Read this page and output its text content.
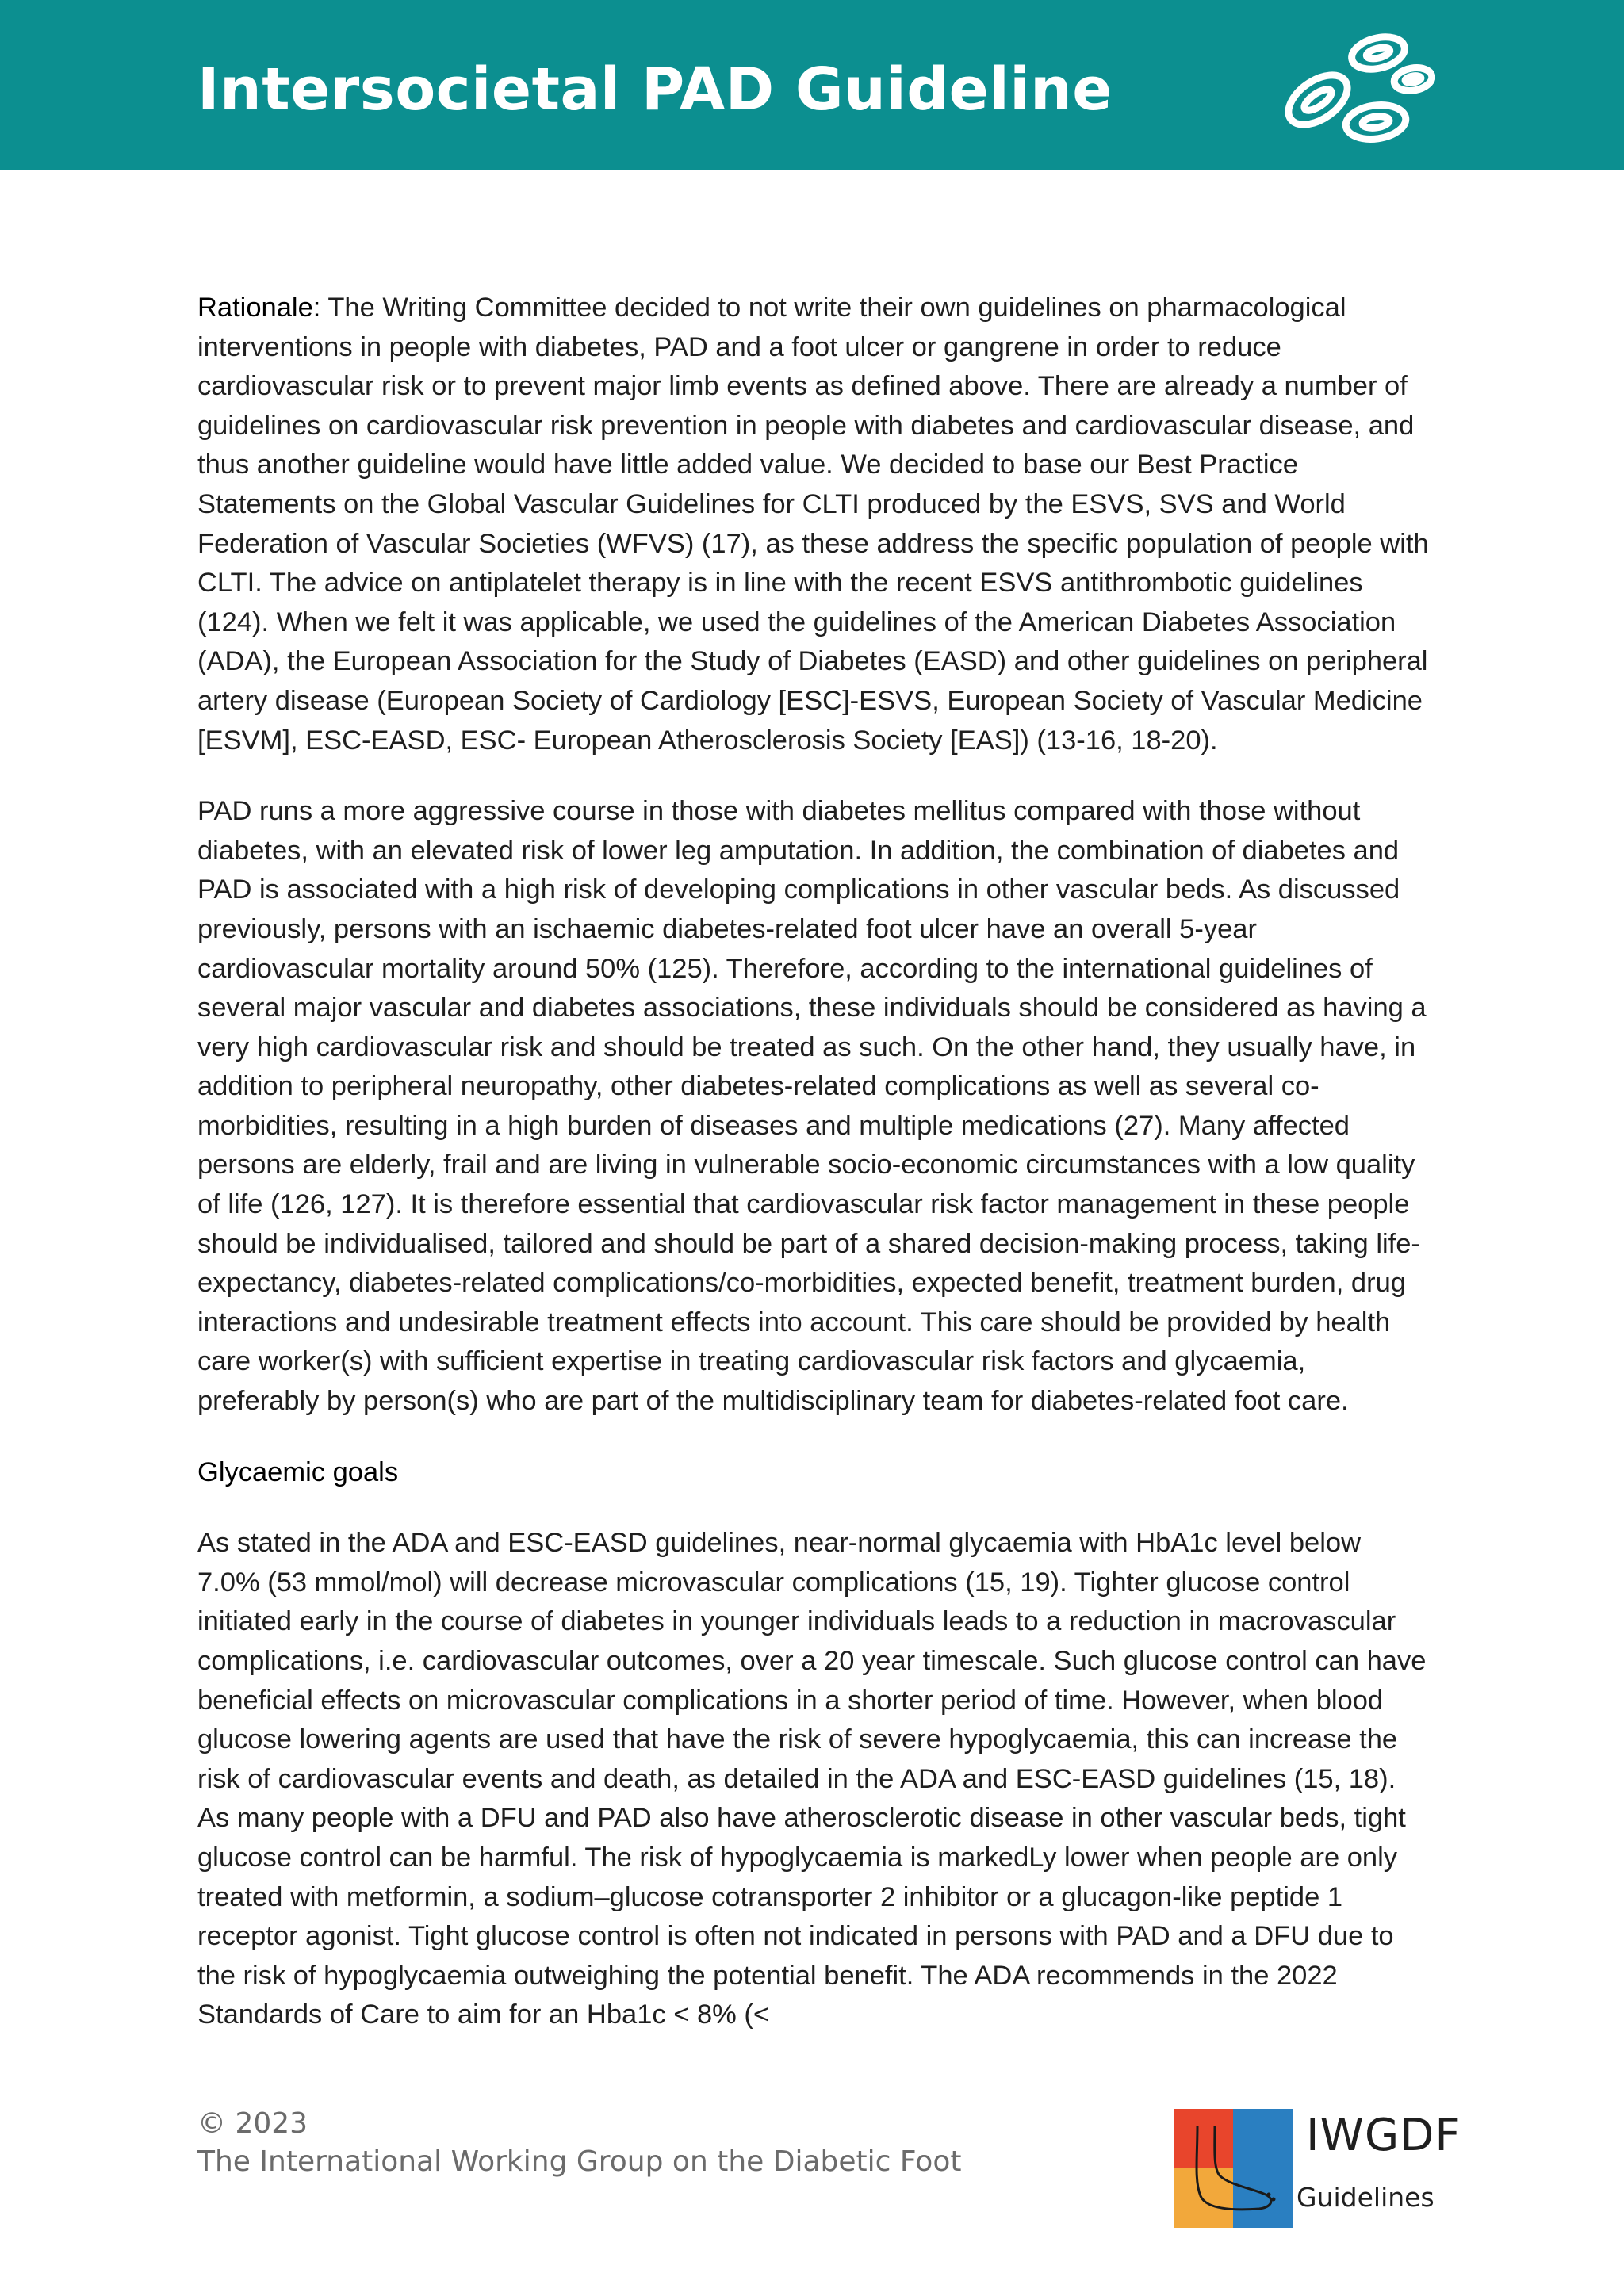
Intersocietal PAD Guideline

Rationale: The Writing Committee decided to not write their own guidelines on pharmacological interventions in people with diabetes, PAD and a foot ulcer or gangrene in order to reduce cardiovascular risk or to prevent major limb events as defined above. There are already a number of guidelines on cardiovascular risk prevention in people with diabetes and cardiovascular disease, and thus another guideline would have little added value. We decided to base our Best Practice Statements on the Global Vascular Guidelines for CLTI produced by the ESVS, SVS and World Federation of Vascular Societies (WFVS) (17), as these address the specific population of people with CLTI. The advice on antiplatelet therapy is in line with the recent ESVS antithrombotic guidelines (124). When we felt it was applicable, we used the guidelines of the American Diabetes Association (ADA), the European Association for the Study of Diabetes (EASD) and other guidelines on peripheral artery disease (European Society of Cardiology [ESC]-ESVS, European Society of Vascular Medicine [ESVM], ESC-EASD, ESC- European Atherosclerosis Society [EAS]) (13-16, 18-20).

PAD runs a more aggressive course in those with diabetes mellitus compared with those without diabetes, with an elevated risk of lower leg amputation. In addition, the combination of diabetes and PAD is associated with a high risk of developing complications in other vascular beds. As discussed previously, persons with an ischaemic diabetes-related foot ulcer have an overall 5-year cardiovascular mortality around 50% (125). Therefore, according to the international guidelines of several major vascular and diabetes associations, these individuals should be considered as having a very high cardiovascular risk and should be treated as such. On the other hand, they usually have, in addition to peripheral neuropathy, other diabetes-related complications as well as several co-morbidities, resulting in a high burden of diseases and multiple medications (27). Many affected persons are elderly, frail and are living in vulnerable socio-economic circumstances with a low quality of life (126, 127). It is therefore essential that cardiovascular risk factor management in these people should be individualised, tailored and should be part of a shared decision-making process, taking life-expectancy, diabetes-related complications/co-morbidities, expected benefit, treatment burden, drug interactions and undesirable treatment effects into account. This care should be provided by health care worker(s) with sufficient expertise in treating cardiovascular risk factors and glycaemia, preferably by person(s) who are part of the multidisciplinary team for diabetes-related foot care.

Glycaemic goals

As stated in the ADA and ESC-EASD guidelines, near-normal glycaemia with HbA1c level below 7.0% (53 mmol/mol) will decrease microvascular complications (15, 19). Tighter glucose control initiated early in the course of diabetes in younger individuals leads to a reduction in macrovascular complications, i.e. cardiovascular outcomes, over a 20 year timescale. Such glucose control can have beneficial effects on microvascular complications in a shorter period of time. However, when blood glucose lowering agents are used that have the risk of severe hypoglycaemia, this can increase the risk of cardiovascular events and death, as detailed in the ADA and ESC-EASD guidelines (15, 18). As many people with a DFU and PAD also have atherosclerotic disease in other vascular beds, tight glucose control can be harmful. The risk of hypoglycaemia is markedLy lower when people are only treated with metformin, a sodium–glucose cotransporter 2 inhibitor or a glucagon-like peptide 1 receptor agonist. Tight glucose control is often not indicated in persons with PAD and a DFU due to the risk of hypoglycaemia outweighing the potential benefit. The ADA recommends in the 2022 Standards of Care to aim for an Hba1c < 8% (<

© 2023
The International Working Group on the Diabetic Foot
IWGDF
Guidelines
